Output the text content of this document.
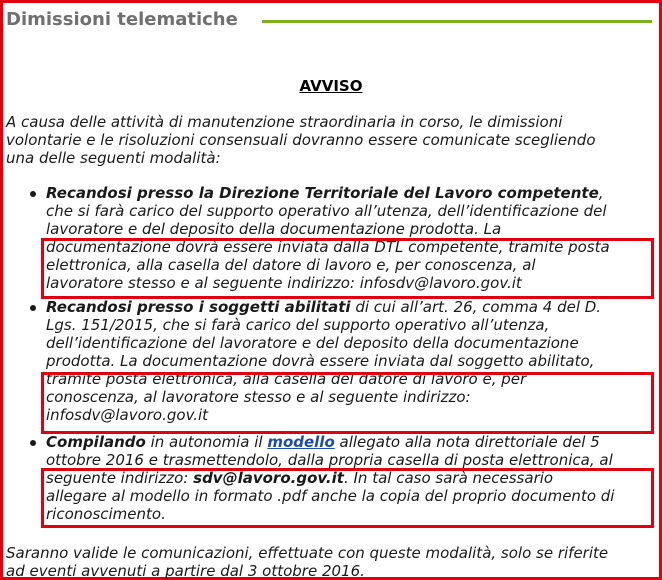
Dimissioni telematiche
AVVISO
A causa delle attività di manutenzione straordinaria in corso, le dimissioni
volontarie e le risoluzioni consensuali dovranno essere comunicate scegliendo
una delle seguenti modalità:
Recandosi presso la Direzione Territoriale del Lavoro competente,
che si farà carico del supporto operativo all’utenza, dell’identificazione del
lavoratore e del deposito della documentazione prodotta. La
documentazione dovrà essere inviata dalla DTL competente, tramite posta
elettronica, alla casella del datore di lavoro e, per conoscenza, al
lavoratore stesso e al seguente indirizzo: infosdv@lavoro.gov.it
Recandosi presso i soggetti abilitati di cui all’art. 26, comma 4 del D.
Lgs. 151/2015, che si farà carico del supporto operativo all’utenza,
dell’identificazione del lavoratore e del deposito della documentazione
prodotta. La documentazione dovrà essere inviata dal soggetto abilitato,
tramite posta elettronica, alla casella del datore di lavoro e, per
conoscenza, al lavoratore stesso e al seguente indirizzo:
infosdv@lavoro.gov.it
Compilando in autonomia il modello allegato alla nota direttoriale del 5
ottobre 2016 e trasmettendolo, dalla propria casella di posta elettronica, al
seguente indirizzo: sdv@lavoro.gov.it. In tal caso sarà necessario
allegare al modello in formato .pdf anche la copia del proprio documento di
riconoscimento.
Saranno valide le comunicazioni, effettuate con queste modalità, solo se riferite
ad eventi avvenuti a partire dal 3 ottobre 2016.
